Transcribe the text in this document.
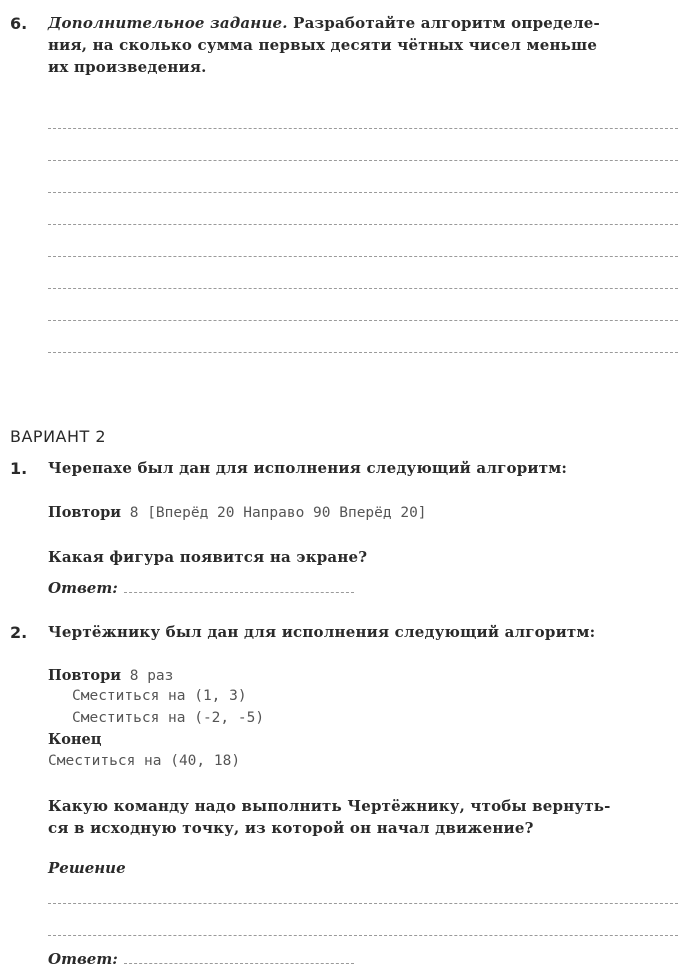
6. Дополнительное задание. Разработайте алгоритм определе-
ния, на сколько сумма первых десяти чётных чисел меньше
их произведения.
ВАРИАНТ 2
1. Черепахе был дан для исполнения следующий алгоритм:
Повтори 8 [Вперёд 20 Направо 90 Вперёд 20]
Какая фигура появится на экране?
Ответ:
2. Чертёжнику был дан для исполнения следующий алгоритм:
Повтори 8 раз
Сместиться на (1, 3)
Сместиться на (-2, -5)
Конец
Сместиться на (40, 18)
Какую команду надо выполнить Чертёжнику, чтобы вернуть-
ся в исходную точку, из которой он начал движение?
Решение
Ответ:
